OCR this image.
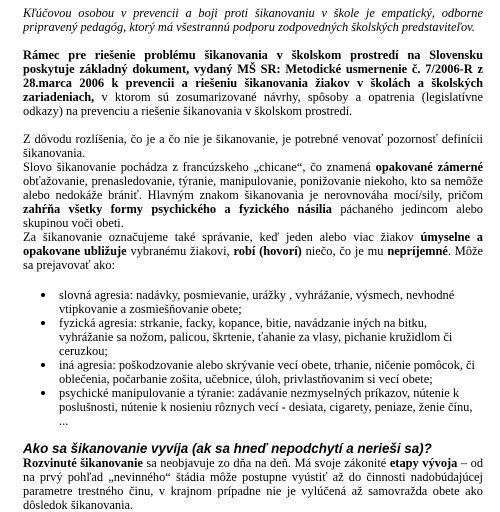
Kľúčovou osobou v prevencii a boji proti šikanovaniu v škole je empatický, odborne pripravený pedagóg, ktorý má všestrannú podporu zodpovedných školských predstaviteľov.

Rámec pre riešenie problému šikanovania v školskom prostredí na Slovensku poskytuje základný dokument, vydaný MŠ SR: Metodické usmernenie č. 7/2006-R z 28.marca 2006 k prevencii a riešeniu šikanovania žiakov v školách a školských zariadeniach, v ktorom sú zosumarizované návrhy, spôsoby a opatrenia (legislatívne odkazy) na prevenciu a riešenie šikanovania v školskom prostredí.

Z dôvodu rozlíšenia, čo je a čo nie je šikanovanie, je potrebné venovať pozornosť definícii šikanovania.

Slovo šikanovanie pochádza z francúzskeho „chicane“, čo znamená opakované zámerné obťažovanie, prenasledovanie, týranie, manipulovanie, ponižovanie niekoho, kto sa nemôže alebo nedokáže brániť. Hlavným znakom šikanovania je nerovnováha mocí/sily, pričom zahŕňa všetky formy psychického a fyzického násilia páchaného jedincom alebo skupinou voči obeti.

Za šikanovanie označujeme také správanie, keď jeden alebo viac žiakov úmyselne a opakovane ubližuje vybranému žiakovi, robí (hovorí) niečo, čo je mu nepríjemné. Môže sa prejavovať ako:

slovná agresia: nadávky, posmievanie, urážky , vyhrážanie, výsmech, nevhodné vtipkovanie a zosmiešňovanie obete;
fyzická agresia: strkanie, facky, kopance, bitie, navádzanie iných na bitku, vyhrážanie sa nožom, palicou, škrtenie, ťahanie za vlasy, pichanie kružidlom či ceruzkou;
iná agresia: poškodzovanie alebo skrývanie vecí obete, trhanie, ničenie pomôcok, či oblečenia, počarbanie zošita, učebnice, úloh, privlastňovanim si vecí obete;
psychické manipulovanie a týranie: zadávanie nezmyselných príkazov, nútenie k poslušnosti, nútenie k nosieniu rôznych vecí - desiata, cigarety, peniaze, ženie čínu, ...

Ako sa šikanovanie vyvíja (ak sa hneď nepodchytí a nerieši sa)?

Rozvinuté šikanovanie sa neobjavuje zo dňa na deň. Má svoje zákonité etapy vývoja – od na prvý pohľad „nevinného“ štádia môže postupne vyústiť až do činnosti nadobúdajúcej parametre trestného činu, v krajnom prípadne nie je vylúčená až samovražda obete ako dôsledok šikanovania.
